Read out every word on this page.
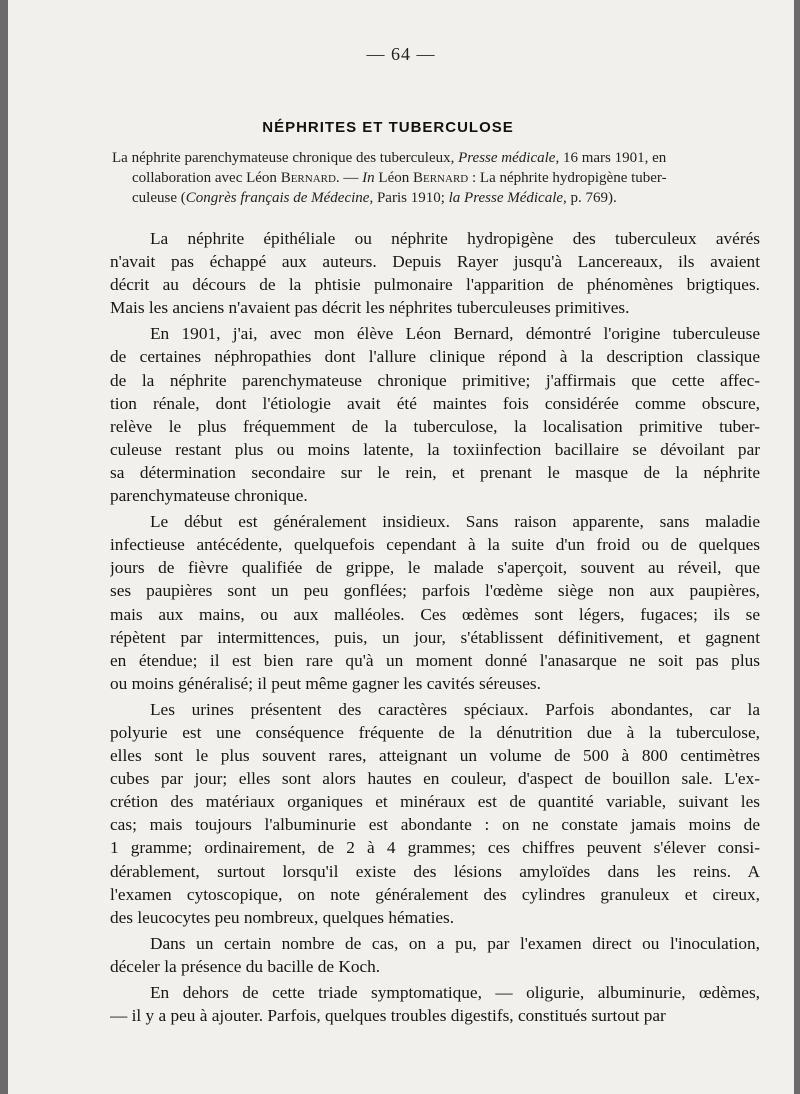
— 64 —
NÉPHRITES ET TUBERCULOSE
La néphrite parenchymateuse chronique des tuberculeux, Presse médicale, 16 mars 1901, en
collaboration avec Léon Bernard. — In Léon Bernard : La néphrite hydropigène tuber-
culeuse (Congrès français de Médecine, Paris 1910; la Presse Médicale, p. 769).

La néphrite épithéliale ou néphrite hydropigène des tuberculeux avérés
n'avait pas échappé aux auteurs. Depuis Rayer jusqu'à Lancereaux, ils avaient
décrit au décours de la phtisie pulmonaire l'apparition de phénomènes brigtiques.
Mais les anciens n'avaient pas décrit les néphrites tuberculeuses primitives.

En 1901, j'ai, avec mon élève Léon Bernard, démontré l'origine tuberculeuse
de certaines néphropathies dont l'allure clinique répond à la description classique
de la néphrite parenchymateuse chronique primitive; j'affirmais que cette affec-
tion rénale, dont l'étiologie avait été maintes fois considérée comme obscure,
relève le plus fréquemment de la tuberculose, la localisation primitive tuber-
culeuse restant plus ou moins latente, la toxiinfection bacillaire se dévoilant par
sa détermination secondaire sur le rein, et prenant le masque de la néphrite
parenchymateuse chronique.

Le début est généralement insidieux. Sans raison apparente, sans maladie
infectieuse antécédente, quelquefois cependant à la suite d'un froid ou de quelques
jours de fièvre qualifiée de grippe, le malade s'aperçoit, souvent au réveil, que
ses paupières sont un peu gonflées; parfois l'œdème siège non aux paupières,
mais aux mains, ou aux malléoles. Ces œdèmes sont légers, fugaces; ils se
répètent par intermittences, puis, un jour, s'établissent définitivement, et gagnent
en étendue; il est bien rare qu'à un moment donné l'anasarque ne soit pas plus
ou moins généralisé; il peut même gagner les cavités séreuses.

Les urines présentent des caractères spéciaux. Parfois abondantes, car la
polyurie est une conséquence fréquente de la dénutrition due à la tuberculose,
elles sont le plus souvent rares, atteignant un volume de 500 à 800 centimètres
cubes par jour; elles sont alors hautes en couleur, d'aspect de bouillon sale. L'ex-
crétion des matériaux organiques et minéraux est de quantité variable, suivant les
cas; mais toujours l'albuminurie est abondante : on ne constate jamais moins de
1 gramme; ordinairement, de 2 à 4 grammes; ces chiffres peuvent s'élever consi-
dérablement, surtout lorsqu'il existe des lésions amyloïdes dans les reins. A
l'examen cytoscopique, on note généralement des cylindres granuleux et cireux,
des leucocytes peu nombreux, quelques hématies.

Dans un certain nombre de cas, on a pu, par l'examen direct ou l'inoculation,
déceler la présence du bacille de Koch.

En dehors de cette triade symptomatique, — oligurie, albuminurie, œdèmes,
— il y a peu à ajouter. Parfois, quelques troubles digestifs, constitués surtout par
